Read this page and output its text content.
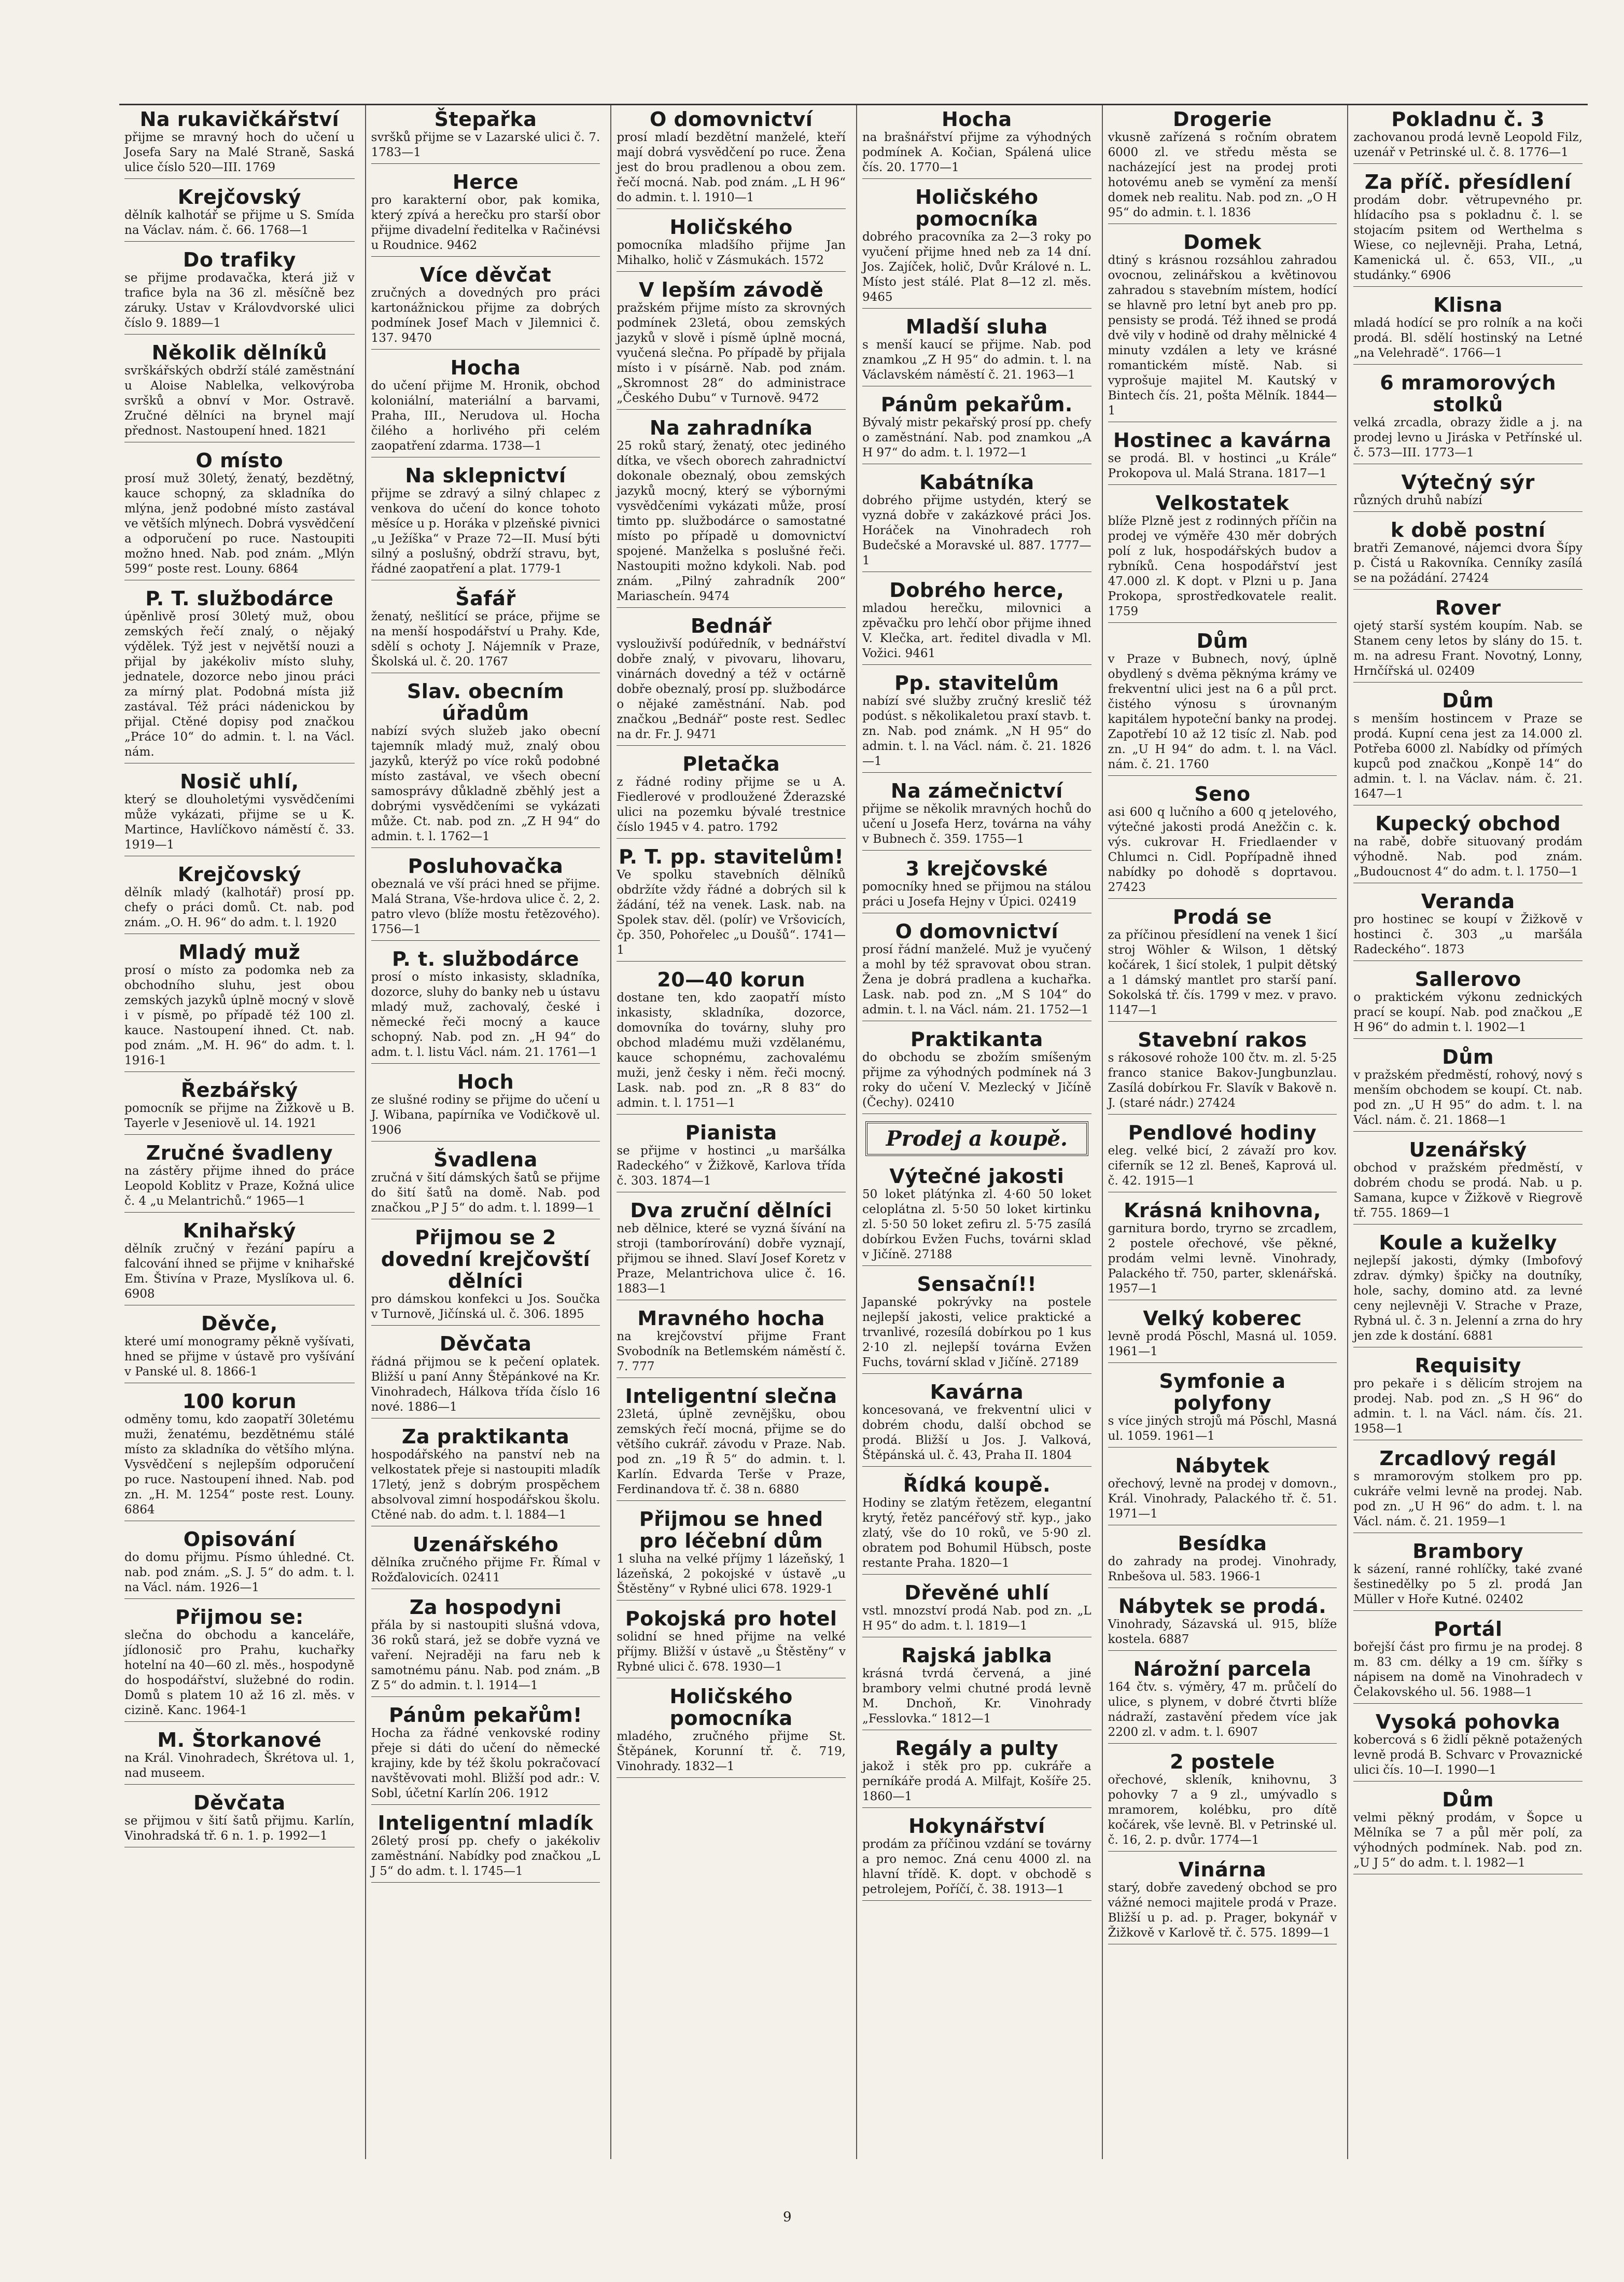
Na rukavičkářství
přijme se mravný hoch do učení u Josefa Sary na Malé Straně, Saská ulice číslo 520—III. 1769
Krejčovský
dělník kalhotář se přijme u S. Smída na Václav. nám. č. 66. 1768—1
Do trafiky
se přijme prodavačka, která již v trafice byla na 36 zl. měsíčně bez záruky. Ustav v Královdvorské ulici číslo 9. 1889—1
Několik dělníků
svrškářských obdrží stálé zaměstnání u Aloise Nablelka, velkovýroba svršků a obnví v Mor. Ostravě. Zručné dělníci na brynel mají přednost. Nastoupení hned. 1821
O místo
prosí muž 30letý, ženatý, bezdětný, kauce schopný, za skladníka do mlýna, jenž podobné místo zastával ve větších mlýnech. Dobrá vysvědčení a odporučení po ruce. Nastoupiti možno hned. Nab. pod znám. „Mlýn 599“ poste rest. Louny. 6864
P. T. službodárce
úpěnlivě prosí 30letý muž, obou zemských řečí znalý, o nějaký výdělek. Týž jest v největší nouzi a přijal by jakékoliv místo sluhy, jednatele, dozorce nebo jinou práci za mírný plat. Podobná místa již zastával. Též práci nádenickou by přijal. Ctěné dopisy pod značkou „Práce 10“ do admin. t. l. na Václ. nám.
Nosič uhlí,
který se dlouholetými vysvědčeními může vykázati, přijme se u K. Martince, Havlíčkovo náměstí č. 33. 1919—1
Krejčovský
dělník mladý (kalhotář) prosí pp. chefy o práci domů. Ct. nab. pod znám. „O. H. 96“ do adm. t. l. 1920
Mladý muž
prosí o místo za podomka neb za obchodního sluhu, jest obou zemských jazyků úplně mocný v slově i v písmě, po případě též 100 zl. kauce. Nastoupení ihned. Ct. nab. pod znám. „M. H. 96“ do adm. t. l. 1916-1
Řezbářský
pomocník se přijme na Žižkově u B. Tayerle v Jeseniově ul. 14. 1921
Zručné švadleny
na zástěry přijme ihned do práce Leopold Koblitz v Praze, Kožná ulice č. 4 „u Melantrichů.“ 1965—1
Knihařský
dělník zručný v řezání papíru a falcování ihned se přijme v knihařské Em. Štivína v Praze, Myslíkova ul. 6. 6908
Děvče,
které umí monogramy pěkně vyšívati, hned se přijme v ústavě pro vyšívání v Panské ul. 8. 1866-1
100 korun
odměny tomu, kdo zaopatří 30letému muži, ženatému, bezdětnému stálé místo za skladníka do většího mlýna. Vysvědčení s nejlepším odporučení po ruce. Nastoupení ihned. Nab. pod zn. „H. M. 1254“ poste rest. Louny. 6864
Opisování
do domu přijmu. Písmo úhledné. Ct. nab. pod znám. „S. J. 5“ do adm. t. l. na Václ. nám. 1926—1
Přijmou se:
slečna do obchodu a kanceláře, jídlonosič pro Prahu, kuchařky hotelní na 40—60 zl. měs., hospodyně do hospodářství, služebné do rodin. Domů s platem 10 až 16 zl. měs. v cizině. Kanc. 1964-1
M. Štorkanové
na Král. Vinohradech, Škrétova ul. 1, nad museem.
Děvčata
se přijmou v šití šatů přijmu. Karlín, Vinohradská tř. 6 n. 1. p. 1992—1
Štepařka
svršků přijme se v Lazarské ulici č. 7. 1783—1
Herce
pro karakterní obor, pak komika, který zpívá a herečku pro starší obor přijme divadelní ředitelka v Račinévsi u Roudnice. 9462
Více děvčat
zručných a dovedných pro práci kartonážnickou přijme za dobrých podmínek Josef Mach v Jilemnici č. 137. 9470
Hocha
do učení přijme M. Hronik, obchod koloniální, materiální a barvami, Praha, III., Nerudova ul. Hocha čilého a horlivého při celém zaopatření zdarma. 1738—1
Na sklepnictví
přijme se zdravý a silný chlapec z venkova do učení do konce tohoto měsíce u p. Horáka v plzeňské pivnici „u Ježíška“ v Praze 72—II. Musí býti silný a poslušný, obdrží stravu, byt, řádné zaopatření a plat. 1779-1
Šafář
ženatý, nešlitící se práce, přijme se na menší hospodářství u Prahy. Kde, sdělí s ochoty J. Nájemník v Praze, Školská ul. č. 20. 1767
Slav. obecním úřadům
nabízí svých služeb jako obecní tajemník mladý muž, znalý obou jazyků, kterýž po více roků podobné místo zastával, ve všech obecní samosprávy důkladně zběhlý jest a dobrými vysvědčeními se vykázati může. Ct. nab. pod zn. „Z H 94“ do admin. t. l. 1762—1
Posluhovačka
obeznalá ve vší práci hned se přijme. Malá Strana, Vše-hrdova ulice č. 2, 2. patro vlevo (blíže mostu řetězového). 1756—1
P. t. službodárce
prosí o místo inkasisty, skladníka, dozorce, sluhy do banky neb u ústavu mladý muž, zachovalý, české i německé řeči mocný a kauce schopný. Nab. pod zn. „H 94“ do adm. t. l. listu Václ. nám. 21. 1761—1
Hoch
ze slušné rodiny se přijme do učení u J. Wibana, papírníka ve Vodičkově ul. 1906
Švadlena
zručná v šití dámských šatů se přijme do šití šatů na domě. Nab. pod značkou „P J 5“ do adm. t. l. 1899—1
Přijmou se 2 dovední krejčovští dělníci
pro dámskou konfekci u Jos. Součka v Turnově, Jičínská ul. č. 306. 1895
Děvčata
řádná přijmou se k pečení oplatek. Bližší u paní Anny Štěpánkové na Kr. Vinohradech, Hálkova třída číslo 16 nové. 1886—1
Za praktikanta
hospodářského na panství neb na velkostatek přeje si nastoupiti mladík 17letý, jenž s dobrým prospěchem absolvoval zimní hospodářskou školu. Ctěné nab. do adm. t. l. 1884—1
Uzenářského
dělníka zručného přijme Fr. Římal v Rožďalovicích. 02411
Za hospodyni
přála by si nastoupiti slušná vdova, 36 roků stará, jež se dobře vyzná ve vaření. Nejraději na faru neb k samotnému pánu. Nab. pod znám. „B Z 5“ do admin. t. l. 1914—1
Pánům pekařům!
Hocha za řádné venkovské rodiny přeje si dáti do učení do německé krajiny, kde by též školu pokračovací navštěvovati mohl. Bližší pod adr.: V. Sobl, účetní Karlín 206. 1912
Inteligentní mladík
26letý prosí pp. chefy o jakékoliv zaměstnání. Nabídky pod značkou „L J 5“ do adm. t. l. 1745—1
O domovnictví
prosí mladí bezdětní manželé, kteří mají dobrá vysvědčení po ruce. Žena jest do brou pradlenou a obou zem. řečí mocná. Nab. pod znám. „L H 96“ do admin. t. l. 1910—1
Holičského
pomocníka mladšího přijme Jan Mihalko, holič v Zásmukách. 1572
V lepším závodě
pražském přijme místo za skrovných podmínek 23letá, obou zemských jazyků v slově i písmě úplně mocná, vyučená slečna. Po případě by přijala místo i v písárně. Nab. pod znám. „Skromnost 28“ do administrace „Českého Dubu“ v Turnově. 9472
Na zahradníka
25 roků starý, ženatý, otec jediného dítka, ve všech oborech zahradnictví dokonale obeznalý, obou zemských jazyků mocný, který se výbornými vysvědčeními vykázati může, prosí timto pp. službodárce o samostatné místo po případě u domovnictví spojené. Manželka s poslušné řeči. Nastoupiti možno kdykoli. Nab. pod znám. „Pilný zahradník 200“ Mariascheín. 9474
Bednář
vyslouživší podúředník, v bednářství dobře znalý, v pivovaru, lihovaru, vinárnách dovedný a též v octárně dobře obeznalý, prosí pp. službodárce o nějaké zaměstnání. Nab. pod značkou „Bednář“ poste rest. Sedlec na dr. Fr. J. 9471
Pletačka
z řádné rodiny přijme se u A. Fiedlerové v prodloužené Žderazské ulici na pozemku bývalé trestnice číslo 1945 v 4. patro. 1792
P. T. pp. stavitelům!
Ve spolku stavebních dělníků obdržíte vždy řádné a dobrých sil k žádání, též na venek. Lask. nab. na Spolek stav. děl. (polír) ve Vršovicích, čp. 350, Pohořelec „u Doušů“. 1741—1
20—40 korun
dostane ten, kdo zaopatří místo inkasisty, skladníka, dozorce, domovníka do továrny, sluhy pro obchod mladému muži vzdělanému, kauce schopnému, zachovalému muži, jenž česky i něm. řeči mocný. Lask. nab. pod zn. „R 8 83“ do admin. t. l. 1751—1
Pianista
se přijme v hostinci „u maršálka Radeckého“ v Žižkově, Karlova třída č. 303. 1874—1
Dva zruční dělníci
neb dělnice, které se vyzná šívání na stroji (tamborírování) dobře vyznají, přijmou se ihned. Slaví Josef Koretz v Praze, Melantrichova ulice č. 16. 1883—1
Mravného hocha
na krejčovství přijme Frant Svobodník na Betlemském náměstí č. 7. 777
Inteligentní slečna
23letá, úplně zevnějšku, obou zemských řečí mocná, přijme se do většího cukrář. závodu v Praze. Nab. pod zn. „19 Ř 5“ do admin. t. l. Karlín. Edvarda Terše v Praze, Ferdinandova tř. č. 38 n. 6880
Přijmou se hned pro léčební dům
1 sluha na velké příjmy 1 lázeňský, 1 lázeňská, 2 pokojské v ústavě „u Štěstěny“ v Rybné ulici 678. 1929-1
Pokojská pro hotel
solidní se hned přijme na velké příjmy. Bližší v ústavě „u Štěstěny“ v Rybné ulici č. 678. 1930—1
Holičského pomocníka
mladého, zručného přijme St. Štěpánek, Korunní tř. č. 719, Vinohrady. 1832—1
Hocha
na brašnářství přijme za výhodných podmínek A. Kočian, Spálená ulice čís. 20. 1770—1
Holičského pomocníka
dobrého pracovníka za 2—3 roky po vyučení přijme hned neb za 14 dní. Jos. Zajíček, holič, Dvůr Králové n. L. Místo jest stálé. Plat 8—12 zl. měs. 9465
Mladší sluha
s menší kaucí se přijme. Nab. pod znamkou „Z H 95“ do admin. t. l. na Václavském náměstí č. 21. 1963—1
Pánům pekařům.
Bývalý mistr pekařský prosí pp. chefy o zaměstnání. Nab. pod znamkou „A H 97“ do adm. t. l. 1972—1
Kabátníka
dobrého přijme ustydén, který se vyzná dobře v zakázkové práci Jos. Horáček na Vinohradech roh Budečské a Moravské ul. 887. 1777—1
Dobrého herce,
mladou herečku, milovnici a zpěvačku pro lehčí obor přijme ihned V. Klečka, art. ředitel divadla v Ml. Vožici. 9461
Pp. stavitelům
nabízí své služby zručný kreslič též podúst. s několikaletou praxí stavb. t. zn. Nab. pod známk. „N H 95“ do admin. t. l. na Václ. nám. č. 21. 1826—1
Na zámečnictví
přijme se několik mravných hochů do učení u Josefa Herz, továrna na váhy v Bubnech č. 359. 1755—1
3 krejčovské
pomocníky hned se přijmou na stálou práci u Josefa Hejny v Úpici. 02419
O domovnictví
prosí řádní manželé. Muž je vyučený a mohl by též spravovat obou stran. Žena je dobrá pradlena a kuchařka. Lask. nab. pod zn. „M S 104“ do admin. t. l. na Václ. nám. 21. 1752—1
Praktikanta
do obchodu se zbožím smíšeným přijme za výhodných podmínek ná 3 roky do učení V. Mezlecký v Jičíně (Čechy). 02410
Prodej a koupě.
Výtečné jakosti
50 loket plátýnka zl. 4·60 50 loket celoplátna zl. 5·50 50 loket kirtinku zl. 5·50 50 loket zefiru zl. 5·75 zasílá dobírkou Evžen Fuchs, továrni sklad v Jičíně. 27188
Sensační!!
Japanské pokrývky na postele nejlepší jakosti, velice praktické a trvanlivé, rozesílá dobírkou po 1 kus 2·10 zl. nejlepší továrna Evžen Fuchs, tovární sklad v Jičíně. 27189
Kavárna
koncesovaná, ve frekventní ulici v dobrém chodu, další obchod se prodá. Bližší u Jos. J. Valková, Štěpánská ul. č. 43, Praha II. 1804
Řídká koupě.
Hodiny se zlatým řetězem, elegantní krytý, řetěz pancéřový stř. kyp., jako zlatý, vše do 10 roků, ve 5·90 zl. obratem pod Bohumil Hübsch, poste restante Praha. 1820—1
Dřevěné uhlí
vstl. mnozství prodá Nab. pod zn. „L H 95“ do adm. t. l. 1819—1
Rajská jablka
krásná tvrdá červená, a jiné brambory velmi chutné prodá levně M. Dnchoň, Kr. Vinohrady „Fesslovka.“ 1812—1
Regály a pulty
jakož i stěk pro pp. cukráře a perníkáře prodá A. Milfajt, Košíře 25. 1860—1
Hokynářství
prodám za příčinou vzdání se továrny a pro nemoc. Zná cenu 4000 zl. na hlavní třídě. K. dopt. v obchodě s petrolejem, Poříčí, č. 38. 1913—1
Drogerie
vkusně zařízená s ročním obratem 6000 zl. ve středu města se nacházející jest na prodej proti hotovému aneb se vymění za menší domek neb realitu. Nab. pod zn. „O H 95“ do admin. t. l. 1836
Domek
dtiný s krásnou rozsáhlou zahradou ovocnou, zelinářskou a květinovou zahradou s stavebním místem, hodící se hlavně pro letní byt aneb pro pp. pensisty se prodá. Též ihned se prodá dvě vily v hodině od drahy mělnické 4 minuty vzdálen a lety ve krásné romantickém místě. Nab. si vyprošuje majitel M. Kautský v Bintech čís. 21, pošta Mělník. 1844—1
Hostinec a kavárna
se prodá. Bl. v hostinci „u Krále“ Prokopova ul. Malá Strana. 1817—1
Velkostatek
blíže Plzně jest z rodinných příčin na prodej ve výměře 430 měr dobrých polí z luk, hospodářských budov a rybníků. Cena hospodářství jest 47.000 zl. K dopt. v Plzni u p. Jana Prokopa, sprostředkovatele realit. 1759
Dům
v Praze v Bubnech, nový, úplně obydlený s dvěma pěknýma krámy ve frekventní ulici jest na 6 a půl prct. čistého výnosu s úrovnaným kapitálem hypoteční banky na prodej. Zapotřebí 10 až 12 tisíc zl. Nab. pod zn. „U H 94“ do adm. t. l. na Václ. nám. č. 21. 1760
Seno
asi 600 q lučního a 600 q jetelového, výtečné jakosti prodá Anežčin c. k. výs. cukrovar H. Friedlaender v Chlumci n. Cidl. Popřípadně ihned nabídky po dohodě s doprtavou. 27423
Prodá se
za příčinou přesídlení na venek 1 šicí stroj Wöhler & Wilson, 1 dětský kočárek, 1 šicí stolek, 1 pulpit dětský a 1 dámský mantlet pro starší paní. Sokolská tř. čís. 1799 v mez. v pravo. 1147—1
Stavební rakos
s rákosové rohože 100 čtv. m. zl. 5·25 franco stanice Bakov-Jungbunzlau. Zasílá dobírkou Fr. Slavík v Bakově n. J. (staré nádr.) 27424
Pendlové hodiny
eleg. velké bicí, 2 závaží pro kov. ciferník se 12 zl. Beneš, Kaprová ul. č. 42. 1915—1
Krásná knihovna,
garnitura bordo, tryrno se zrcadlem, 2 postele ořechové, vše pěkné, prodám velmi levně. Vinohrady, Palackého tř. 750, parter, sklenářská. 1957—1
Velký koberec
levně prodá Pöschl, Masná ul. 1059. 1961—1
Symfonie a polyfony
s více jiných strojů má Pöschl, Masná ul. 1059. 1961—1
Nábytek
ořechový, levně na prodej v domovn., Král. Vinohrady, Palackého tř. č. 51. 1971—1
Besídka
do zahrady na prodej. Vinohrady, Rnbešova ul. 583. 1966-1
Nábytek se prodá.
Vinohrady, Sázavská ul. 915, blíže kostela. 6887
Nárožní parcela
164 čtv. s. výměry, 47 m. průčelí do ulice, s plynem, v dobré čtvrti blíže nádraží, zastavění předem více jak 2200 zl. v adm. t. l. 6907
2 postele
ořechové, skleník, knihovnu, 3 pohovky 7 a 9 zl., umývadlo s mramorem, kolébku, pro dítě kočárek, vše levně. Bl. v Petrinské ul. č. 16, 2. p. dvůr. 1774—1
Vinárna
starý, dobře zavedený obchod se pro vážné nemoci majitele prodá v Praze. Bližší u p. ad. p. Prager, bokynář v Žižkově v Karlově tř. č. 575. 1899—1
Pokladnu č. 3
zachovanou prodá levně Leopold Filz, uzenář v Petrinské ul. č. 8. 1776—1
Za příč. přesídlení
prodám dobr. větrupevného pr. hlídacího psa s pokladnu č. l. se stojacím psitem od Werthelma s Wiese, co nejlevněji. Praha, Letná, Kamenická ul. č. 653, VII., „u studánky.“ 6906
Klisna
mladá hodící se pro rolník a na koči prodá. Bl. sdělí hostinský na Letné „na Velehradě“. 1766—1
6 mramorových stolků
velká zrcadla, obrazy židle a j. na prodej levno u Jiráska v Petřínské ul. č. 573—III. 1773—1
Výtečný sýr
různých druhů nabízí
k době postní
bratři Zemanové, nájemci dvora Šípy p. Čistá u Rakovníka. Cenníky zasílá se na požádání. 27424
Rover
ojetý starší systém koupím. Nab. se Stanem ceny letos by slány do 15. t. m. na adresu Frant. Novotný, Lonny, Hrnčířská ul. 02409
Dům
s menším hostincem v Praze se prodá. Kupní cena jest za 14.000 zl. Potřeba 6000 zl. Nabídky od přímých kupců pod značkou „Konpě 14“ do admin. t. l. na Václav. nám. č. 21. 1647—1
Kupecký obchod
na rabě, dobře situovaný prodám výhodně. Nab. pod znám. „Budoucnost 4“ do adm. t. l. 1750—1
Veranda
pro hostinec se koupí v Žižkově v hostinci č. 303 „u maršála Radeckého“. 1873
Sallerovo
o praktickém výkonu zednických prací se koupí. Nab. pod značkou „E H 96“ do admin t. l. 1902—1
Dům
v pražském předměstí, rohový, nový s menším obchodem se koupí. Ct. nab. pod zn. „U H 95“ do adm. t. l. na Václ. nám. č. 21. 1868—1
Uzenářský
obchod v pražském předměstí, v dobrém chodu se prodá. Nab. u p. Samana, kupce v Žižkově v Riegrově tř. 755. 1869—1
Koule a kuželky
nejlepší jakosti, dýmky (Imbofový zdrav. dýmky) špičky na doutníky, hole, sachy, domino atd. za levné ceny nejlevněji V. Strache v Praze, Rybná ul. č. 3 n. Jelenní a zrna do hry jen zde k dostání. 6881
Requisity
pro pekaře i s dělicím strojem na prodej. Nab. pod zn. „S H 96“ do admin. t. l. na Václ. nám. čís. 21. 1958—1
Zrcadlový regál
s mramorovým stolkem pro pp. cukráře velmi levně na prodej. Nab. pod zn. „U H 96“ do adm. t. l. na Václ. nám. č. 21. 1959—1
Brambory
k sázení, ranné rohlíčky, také zvané šestinedělky po 5 zl. prodá Jan Müller v Hoře Kutné. 02402
Portál
bořejší část pro firmu je na prodej. 8 m. 83 cm. délky a 19 cm. šířky s nápisem na domě na Vinohradech v Čelakovského ul. 56. 1988—1
Vysoká pohovka
kobercová s 6 židlí pěkně potažených levně prodá B. Schvarc v Provaznické ulici čís. 10—I. 1990—1
Dům
velmi pěkný prodám, v Šopce u Mělníka se 7 a půl měr polí, za výhodných podmínek. Nab. pod zn. „U J 5“ do adm. t. l. 1982—1
9
